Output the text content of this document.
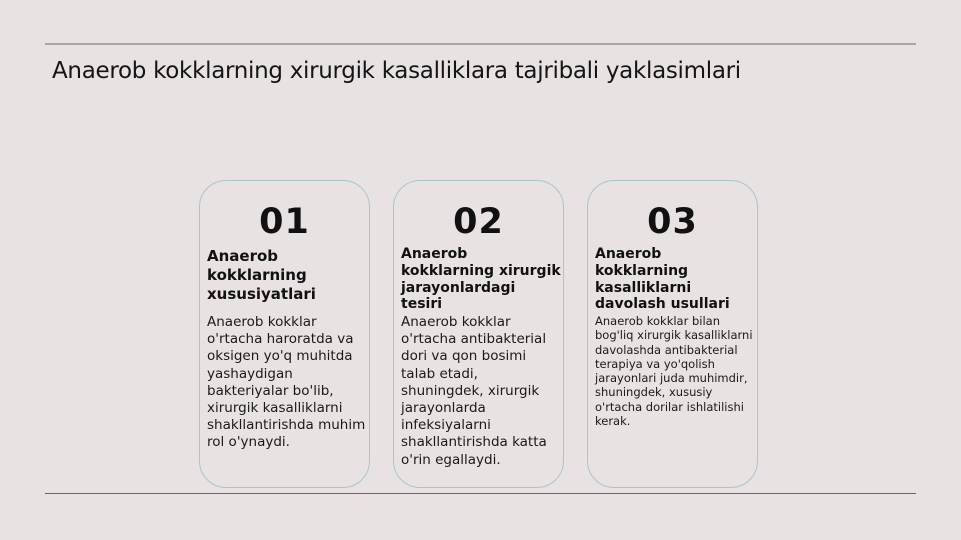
Anaerob kokklarning xirurgik kasalliklara tajribali yaklasimlari
01
Anaerob kokklarning xususiyatlari
Anaerob kokklar o'rtacha haroratda va oksigen yo'q muhitda yashaydigan bakteriyalar bo'lib, xirurgik kasalliklarni shakllantirishda muhim rol o'ynaydi.
02
Anaerob kokklarning xirurgik jarayonlardagi tesiri
Anaerob kokklar o'rtacha antibakterial dori va qon bosimi talab etadi, shuningdek, xirurgik jarayonlarda infeksiyalarni shakllantirishda katta o'rin egallaydi.
03
Anaerob kokklarning kasalliklarni davolash usullari
Anaerob kokklar bilan bog'liq xirurgik kasalliklarni davolashda antibakterial terapiya va yo'qolish jarayonlari juda muhimdir, shuningdek, xususiy o'rtacha dorilar ishlatilishi kerak.
